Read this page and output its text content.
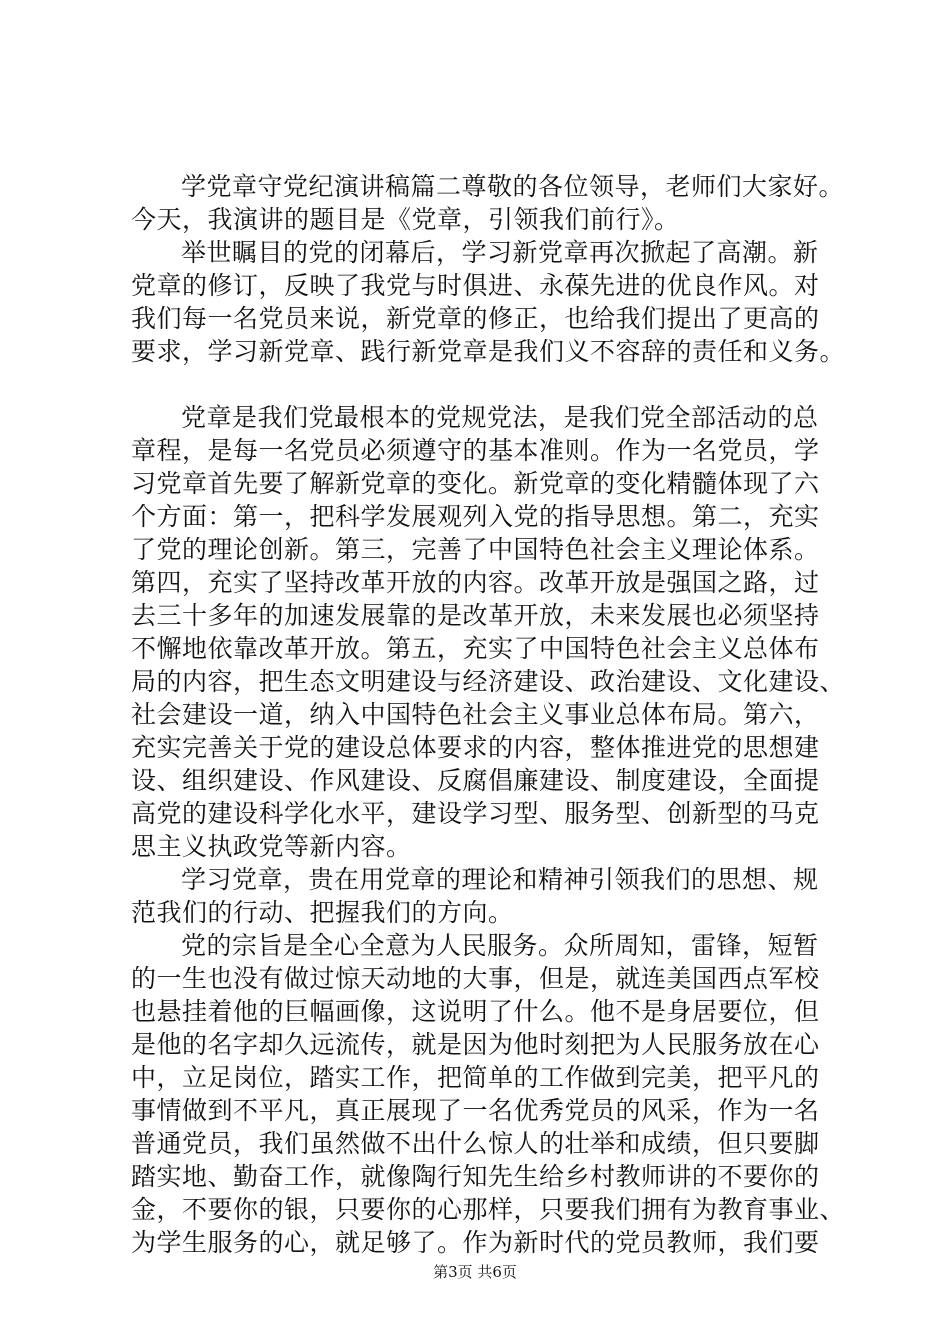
学党章守党纪演讲稿篇二尊敬的各位领导，老师们大家好。
今天，我演讲的题目是《党章，引领我们前行》。

举世瞩目的党的闭幕后，学习新党章再次掀起了高潮。新
党章的修订，反映了我党与时俱进、永葆先进的优良作风。对
我们每一名党员来说，新党章的修正，也给我们提出了更高的
要求，学习新党章、践行新党章是我们义不容辞的责任和义务。

党章是我们党最根本的党规党法，是我们党全部活动的总
章程，是每一名党员必须遵守的基本准则。作为一名党员，学
习党章首先要了解新党章的变化。新党章的变化精髓体现了六
个方面：第一，把科学发展观列入党的指导思想。第二，充实
了党的理论创新。第三，完善了中国特色社会主义理论体系。
第四，充实了坚持改革开放的内容。改革开放是强国之路，过
去三十多年的加速发展靠的是改革开放，未来发展也必须坚持
不懈地依靠改革开放。第五，充实了中国特色社会主义总体布
局的内容，把生态文明建设与经济建设、政治建设、文化建设、
社会建设一道，纳入中国特色社会主义事业总体布局。第六，
充实完善关于党的建设总体要求的内容，整体推进党的思想建
设、组织建设、作风建设、反腐倡廉建设、制度建设，全面提
高党的建设科学化水平，建设学习型、服务型、创新型的马克
思主义执政党等新内容。

学习党章，贵在用党章的理论和精神引领我们的思想、规
范我们的行动、把握我们的方向。

党的宗旨是全心全意为人民服务。众所周知，雷锋，短暂
的一生也没有做过惊天动地的大事，但是，就连美国西点军校
也悬挂着他的巨幅画像，这说明了什么。他不是身居要位，但
是他的名字却久远流传，就是因为他时刻把为人民服务放在心
中，立足岗位，踏实工作，把简单的工作做到完美，把平凡的
事情做到不平凡，真正展现了一名优秀党员的风采，作为一名
普通党员，我们虽然做不出什么惊人的壮举和成绩，但只要脚
踏实地、勤奋工作，就像陶行知先生给乡村教师讲的不要你的
金，不要你的银，只要你的心那样，只要我们拥有为教育事业、
为学生服务的心，就足够了。作为新时代的党员教师，我们要

第3页 共6页
